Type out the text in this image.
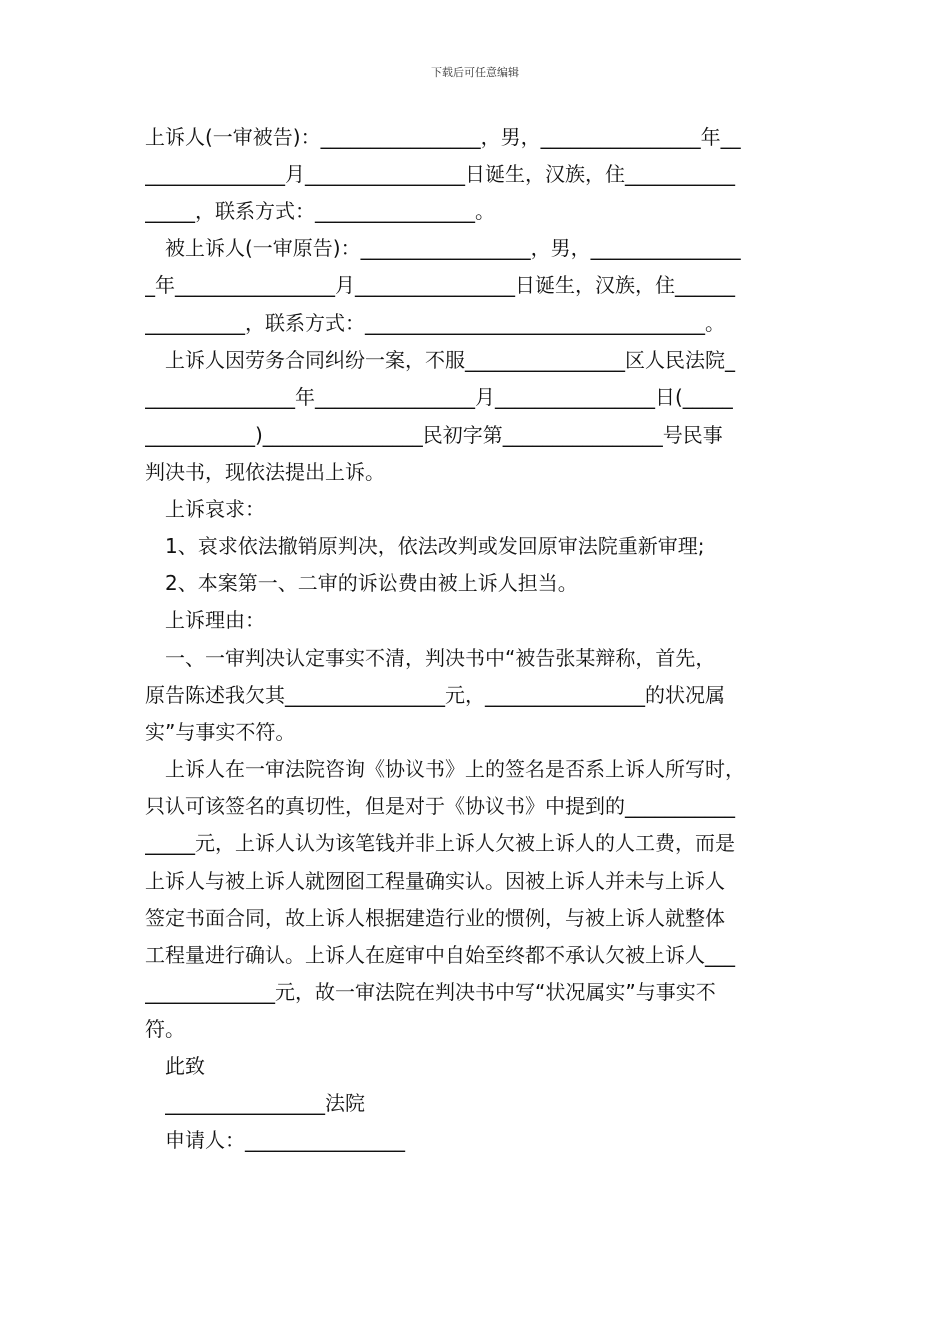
下载后可任意编辑
上诉人(一审被告)：________________，男，________________年__
______________月________________日诞生，汉族，住___________
_____，联系方式：________________。
被上诉人(一审原告)：_________________，男，_______________
_年________________月________________日诞生，汉族，住______
__________，联系方式：__________________________________。
上诉人因劳务合同纠纷一案，不服________________区人民法院_
_______________年________________月________________日(_____
___________)________________民初字第________________号民事
判决书，现依法提出上诉。
上诉哀求：
1、哀求依法撤销原判决，依法改判或发回原审法院重新审理;
2、本案第一、二审的诉讼费由被上诉人担当。
上诉理由：
一、一审判决认定事实不清，判决书中“被告张某辩称，首先，
原告陈述我欠其________________元，________________的状况属
实”与事实不符。
上诉人在一审法院咨询《协议书》上的签名是否系上诉人所写时，
只认可该签名的真切性，但是对于《协议书》中提到的___________
_____元，上诉人认为该笔钱并非上诉人欠被上诉人的人工费，而是
上诉人与被上诉人就囫囵工程量确实认。因被上诉人并未与上诉人
签定书面合同，故上诉人根据建造行业的惯例，与被上诉人就整体
工程量进行确认。上诉人在庭审中自始至终都不承认欠被上诉人___
_____________元，故一审法院在判决书中写“状况属实”与事实不
符。
此致
________________法院
申请人：________________
